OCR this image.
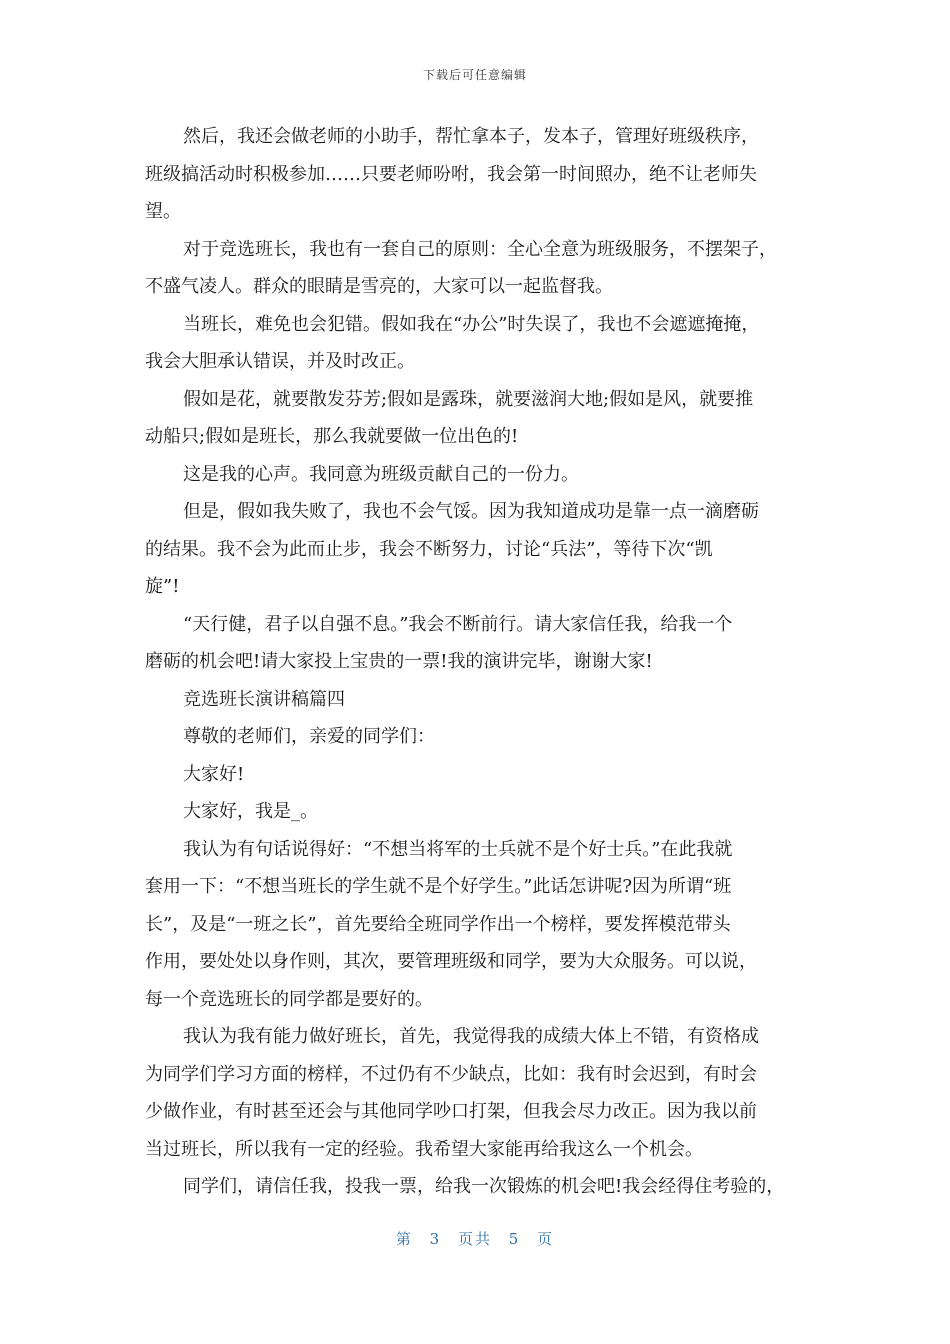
下载后可任意编辑
然后，我还会做老师的小助手，帮忙拿本子，发本子，管理好班级秩序，
班级搞活动时积极参加……只要老师吩咐，我会第一时间照办，绝不让老师失
望。
对于竞选班长，我也有一套自己的原则：全心全意为班级服务，不摆架子，
不盛气凌人。群众的眼睛是雪亮的，大家可以一起监督我。
当班长，难免也会犯错。假如我在“办公”时失误了，我也不会遮遮掩掩，
我会大胆承认错误，并及时改正。
假如是花，就要散发芬芳;假如是露珠，就要滋润大地;假如是风，就要推
动船只;假如是班长，那么我就要做一位出色的!
这是我的心声。我同意为班级贡献自己的一份力。
但是，假如我失败了，我也不会气馁。因为我知道成功是靠一点一滴磨砺
的结果。我不会为此而止步，我会不断努力，讨论“兵法”，等待下次“凯
旋”!
“天行健，君子以自强不息。”我会不断前行。请大家信任我，给我一个
磨砺的机会吧!请大家投上宝贵的一票!我的演讲完毕，谢谢大家!
竞选班长演讲稿篇四
尊敬的老师们，亲爱的同学们：
大家好!
大家好，我是_。
我认为有句话说得好：“不想当将军的士兵就不是个好士兵。”在此我就
套用一下：“不想当班长的学生就不是个好学生。”此话怎讲呢?因为所谓“班
长”，及是“一班之长”，首先要给全班同学作出一个榜样，要发挥模范带头
作用，要处处以身作则，其次，要管理班级和同学，要为大众服务。可以说，
每一个竞选班长的同学都是要好的。
我认为我有能力做好班长，首先，我觉得我的成绩大体上不错，有资格成
为同学们学习方面的榜样，不过仍有不少缺点，比如：我有时会迟到，有时会
少做作业，有时甚至还会与其他同学吵口打架，但我会尽力改正。因为我以前
当过班长，所以我有一定的经验。我希望大家能再给我这么一个机会。
同学们，请信任我，投我一票，给我一次锻炼的机会吧!我会经得住考验的，
第 3 页共 5 页
